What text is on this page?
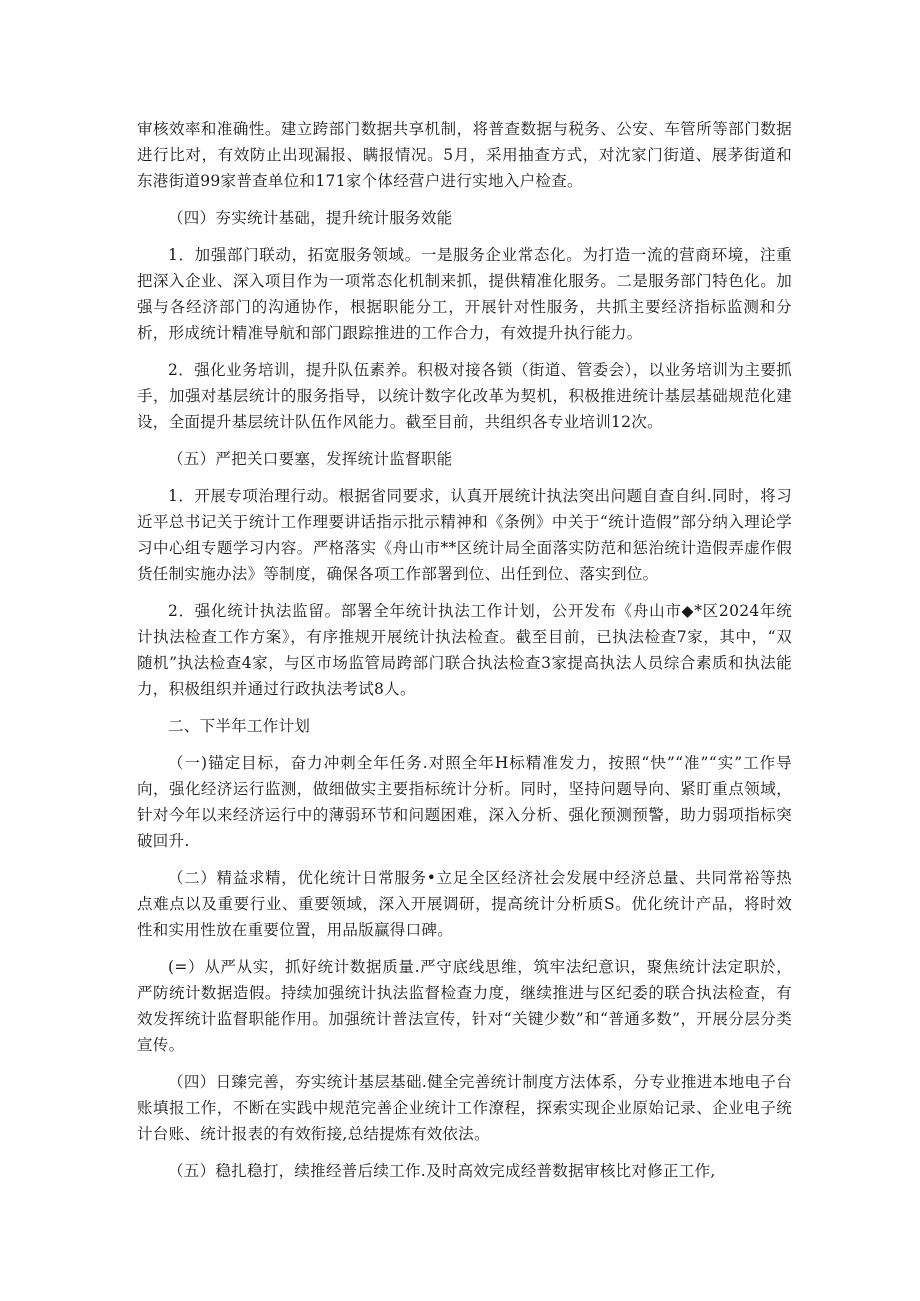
审核效率和准确性。建立跨部门数据共享机制，将普查数据与税务、公安、车管所等部门数据进行比对，有效防止出现漏报、瞒报情况。5月，采用抽查方式，对沈家门街道、展茅街道和东港街道99家普查单位和171家个体经营户进行实地入户检查。

（四）夯实统计基础，提升统计服务效能

1．加强部门联动，拓宽服务领域。一是服务企业常态化。为打造一流的营商环境，注重把深入企业、深入项目作为一项常态化机制来抓，提供精准化服务。二是服务部门特色化。加强与各经济部门的沟通协作，根据职能分工，开展针对性服务，共抓主要经济指标监测和分析，形成统计精准导航和部门跟踪推进的工作合力，有效提升执行能力。

2．强化业务培训，提升队伍素养。积极对接各锁（街道、管委会），以业务培训为主要抓手，加强对基层统计的服务指导，以统计数字化改革为契机，积极推进统计基层基础规范化建设，全面提升基层统计队伍作风能力。截至目前，共组织各专业培训12次。

（五）严把关口要塞，发挥统计监督职能

1．开展专项治理行动。根据省同要求，认真开展统计执法突出问题自查自纠.同时，将习近平总书记关于统计工作理要讲话指示批示精神和《条例》中关于“统计造假”部分纳入理论学习中心组专题学习内容。严格落实《舟山市**区统计局全面落实防范和惩治统计造假弄虚作假货任制实施办法》等制度，确保各项工作部署到位、出任到位、落实到位。

2．强化统计执法监留。部署全年统计执法工作计划，公开发布《舟山市◆*区2024年统计执法检查工作方案》，有序推规开展统计执法检查。截至目前，已执法检查7家，其中，“双随机”执法检查4家，与区市场监管局跨部门联合执法检查3家提高执法人员综合素质和执法能力，积极组织并通过行政执法考试8人。

二、下半年工作计划

（一)锚定目标，奋力冲刺全年任务.对照全年H标精准发力，按照“快”“准”“实”工作导向，强化经济运行监测，做细做实主要指标统计分析。同时，坚持问题导向、紧盯重点领域，针对今年以来经济运行中的薄弱环节和问题困难，深入分析、强化预测预警，助力弱项指标突破回升.

（二）精益求精，优化统计日常服务•立足全区经济社会发展中经济总量、共同常裕等热点难点以及重要行业、重要领域，深入开展调研，提高统计分析质S。优化统计产品，将时效性和实用性放在重要位置，用品版赢得口碑。

(=）从严从实，抓好统计数据质量.严守底线思维，筑牢法纪意识，聚焦统计法定职於，严防统计数据造假。持续加强统计执法监督检查力度，继续推进与区纪委的联合执法检查，有效发挥统计监督职能作用。加强统计普法宣传，针对“关键少数”和“普通多数”，开展分层分类宣传。

（四）日臻完善，夯实统计基层基础.健全完善统计制度方法体系，分专业推进本地电子台账填报工作，不断在实践中规范完善企业统计工作潦程，探索实现企业原始记录、企业电子统计台账、统计报表的有效衔接,总结提炼有效依法。

（五）稳扎稳打，续推经普后续工作.及时高效完成经普数据审核比对修正工作,
